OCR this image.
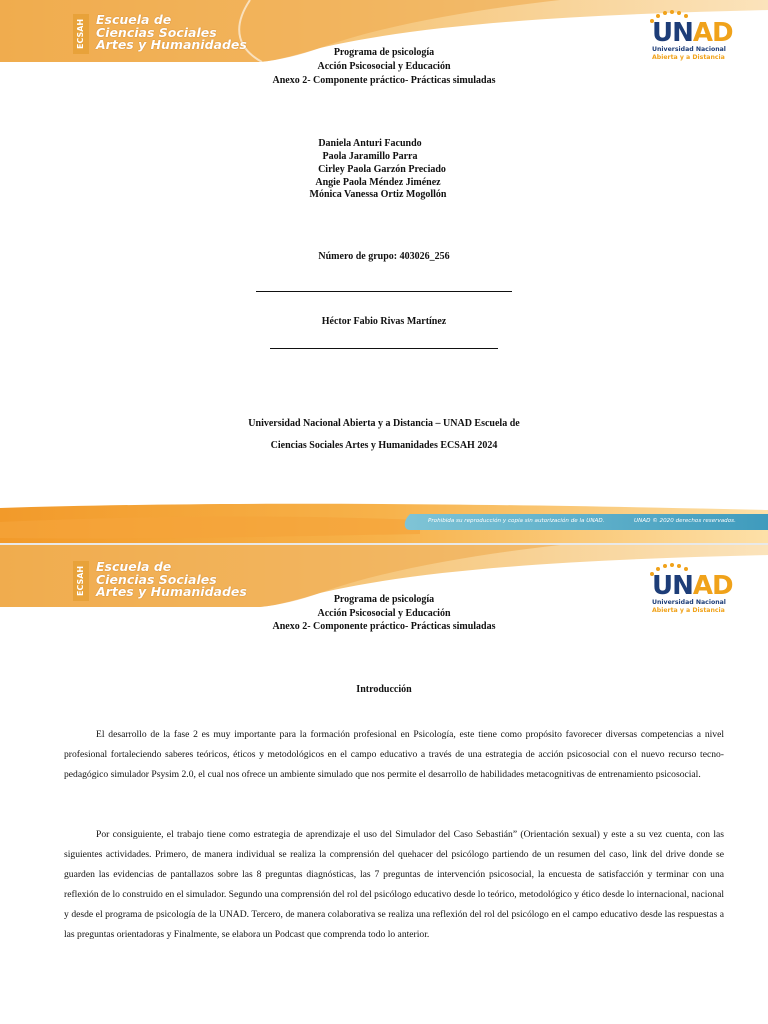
ECSAH Escuela de
Ciencias Sociales
Artes y Humanidades	UNAD
Universidad Nacional
Abierta y a Distancia
Programa de psicología
Acción Psicosocial y Educación
Anexo 2- Componente práctico- Prácticas simuladas
Daniela Anturi Facundo
Paola Jaramillo Parra
Cirley Paola Garzón Preciado
Angie Paola Méndez Jiménez
Mónica Vanessa Ortiz Mogollón
Número de grupo: 403026_256
Héctor Fabio Rivas Martínez
Universidad Nacional Abierta y a Distancia – UNAD Escuela de
Ciencias Sociales Artes y Humanidades ECSAH 2024
Prohibida su reproducción y copia sin autorización de la UNAD.	UNAD © 2020 derechos reservados.
ECSAH Escuela de
Ciencias Sociales
Artes y Humanidades	UNAD
Universidad Nacional
Abierta y a Distancia
Programa de psicología
Acción Psicosocial y Educación
Anexo 2- Componente práctico- Prácticas simuladas
Introducción

El desarrollo de la fase 2 es muy importante para la formación profesional en Psicología, este tiene como propósito favorecer diversas competencias a nivel profesional fortaleciendo saberes teóricos, éticos y metodológicos en el campo educativo a través de una estrategia de acción psicosocial con el nuevo recurso tecno-pedagógico simulador Psysim 2.0, el cual nos ofrece un ambiente simulado que nos permite el desarrollo de habilidades metacognitivas de entrenamiento psicosocial.

Por consiguiente, el trabajo tiene como estrategia de aprendizaje el uso del Simulador del Caso Sebastián” (Orientación sexual) y este a su vez cuenta, con las siguientes actividades. Primero, de manera individual se realiza la comprensión del quehacer del psicólogo partiendo de un resumen del caso, link del drive donde se guarden las evidencias de pantallazos sobre las 8 preguntas diagnósticas, las 7 preguntas de intervención psicosocial, la encuesta de satisfacción y terminar con una reflexión de lo construido en el simulador. Segundo una comprensión del rol del psicólogo educativo desde lo teórico, metodológico y ético desde lo internacional, nacional y desde el programa de psicología de la UNAD. Tercero, de manera colaborativa se realiza una reflexión del rol del psicólogo en el campo educativo desde las respuestas a las preguntas orientadoras y Finalmente, se elabora un Podcast que comprenda todo lo anterior.
